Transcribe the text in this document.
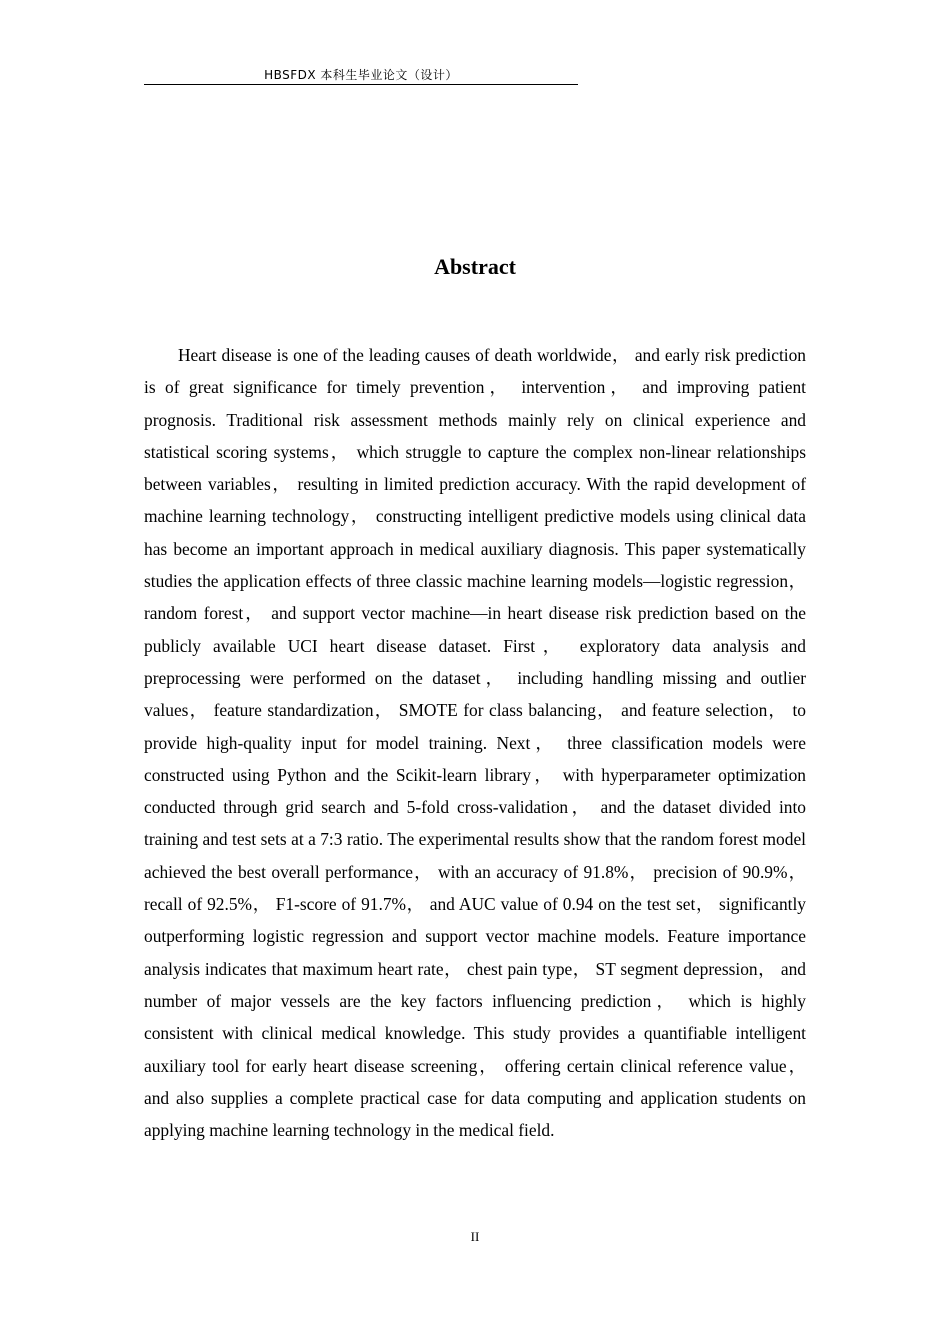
HBSFDX 本科生毕业论文（设计）
Abstract

Heart disease is one of the leading causes of death worldwide， and early risk prediction is of great significance for timely prevention， intervention， and improving patient prognosis. Traditional risk assessment methods mainly rely on clinical experience and statistical scoring systems， which struggle to capture the complex non-linear relationships between variables， resulting in limited prediction accuracy. With the rapid development of machine learning technology， constructing intelligent predictive models using clinical data has become an important approach in medical auxiliary diagnosis. This paper systematically studies the application effects of three classic machine learning models—logistic regression， random forest， and support vector machine—in heart disease risk prediction based on the publicly available UCI heart disease dataset. First， exploratory data analysis and preprocessing were performed on the dataset， including handling missing and outlier values， feature standardization， SMOTE for class balancing， and feature selection， to provide high-quality input for model training. Next， three classification models were constructed using Python and the Scikit-learn library， with hyperparameter optimization conducted through grid search and 5-fold cross-validation， and the dataset divided into training and test sets at a 7:3 ratio. The experimental results show that the random forest model achieved the best overall performance， with an accuracy of 91.8%， precision of 90.9%， recall of 92.5%， F1-score of 91.7%， and AUC value of 0.94 on the test set， significantly outperforming logistic regression and support vector machine models. Feature importance analysis indicates that maximum heart rate， chest pain type， ST segment depression， and number of major vessels are the key factors influencing prediction， which is highly consistent with clinical medical knowledge. This study provides a quantifiable intelligent auxiliary tool for early heart disease screening， offering certain clinical reference value， and also supplies a complete practical case for data computing and application students on applying machine learning technology in the medical field.

II
